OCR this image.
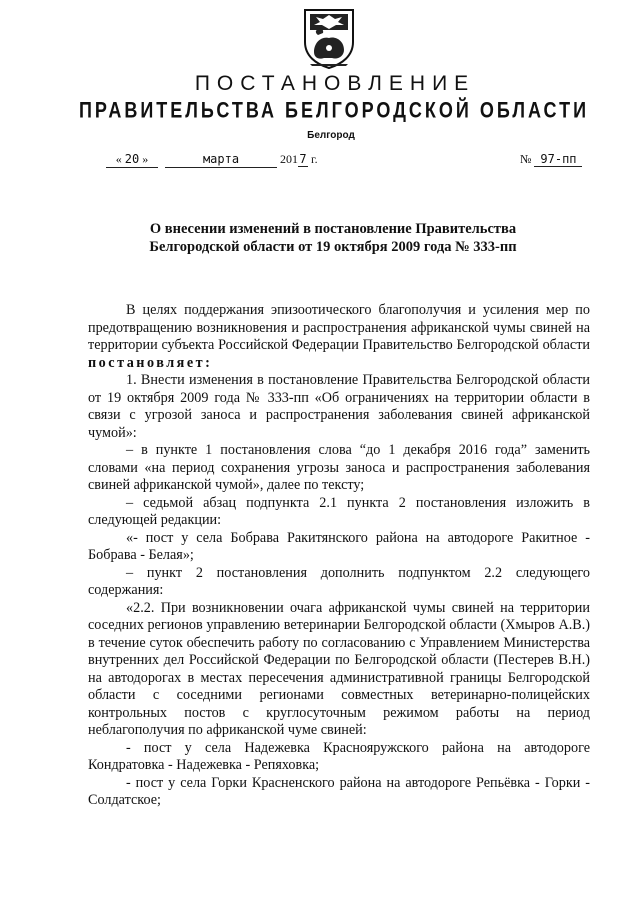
ПОСТАНОВЛЕНИЕ
ПРАВИТЕЛЬСТВА БЕЛГОРОДСКОЙ ОБЛАСТИ
Белгород
« 20 »	марта	2017 г.	№ 97-пп
О внесении изменений в постановление Правительства
Белгородской области от 19 октября 2009 года № 333-пп

В целях поддержания эпизоотического благополучия и усиления мер по предотвращению возникновения и распространения африканской чумы свиней на территории субъекта Российской Федерации Правительство Белгородской области постановляет:

1. Внести изменения в постановление Правительства Белгородской области от 19 октября 2009 года № 333-пп «Об ограничениях на территории области в связи с угрозой заноса и распространения заболевания свиней африканской чумой»:

– в пункте 1 постановления слова “до 1 декабря 2016 года” заменить словами «на период сохранения угрозы заноса и распространения заболевания свиней африканской чумой», далее по тексту;

– седьмой абзац подпункта 2.1 пункта 2 постановления изложить в следующей редакции:

«- пост у села Бобрава Ракитянского района на автодороге Ракитное - Бобрава - Белая»;

– пункт 2 постановления дополнить подпунктом 2.2 следующего содержания:

«2.2. При возникновении очага африканской чумы свиней на территории соседних регионов управлению ветеринарии Белгородской области (Хмыров А.В.) в течение суток обеспечить работу по согласованию с Управлением Министерства внутренних дел Российской Федерации по Белгородской области (Пестерев В.Н.) на автодорогах в местах пересечения административной границы Белгородской области с соседними регионами совместных ветеринарно-полицейских контрольных постов с круглосуточным режимом работы на период неблагополучия по африканской чуме свиней:

- пост у села Надежевка Краснояружского района на автодороге Кондратовка - Надежевка - Репяховка;

- пост у села Горки Красненского района на автодороге Репьёвка - Горки - Солдатское;
